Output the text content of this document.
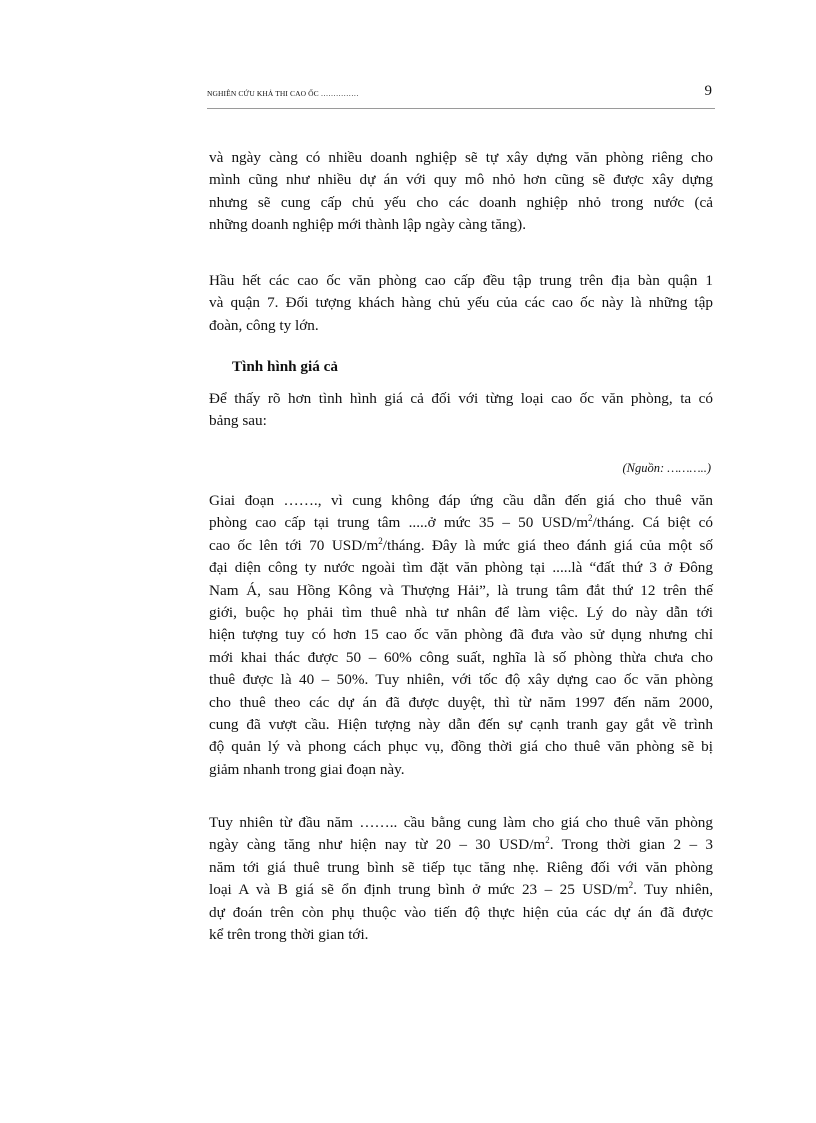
NGHIÊN CỨU KHẢ THI CAO ỐC ……………	9

và ngày càng có nhiều doanh nghiệp sẽ tự xây dựng văn phòng riêng cho
mình cũng như nhiều dự án với quy mô nhỏ hơn cũng sẽ được xây dựng
nhưng sẽ cung cấp chủ yếu cho các doanh nghiệp nhỏ trong nước (cả
những doanh nghiệp mới thành lập ngày càng tăng).

Hầu hết các cao ốc văn phòng cao cấp đều tập trung trên địa bàn quận 1
và quận 7. Đối tượng khách hàng chủ yếu của các cao ốc này là những tập
đoàn, công ty lớn.

Tình hình giá cả

Để thấy rõ hơn tình hình giá cả đối với từng loại cao ốc văn phòng, ta có
bảng sau:

(Nguồn: ………..)

Giai đoạn ……., vì cung không đáp ứng cầu dẫn đến giá cho thuê văn
phòng cao cấp tại trung tâm .....ở mức 35 – 50 USD/$m^2$/tháng. Cá biệt có
cao ốc lên tới 70 USD/$m^2$/tháng. Đây là mức giá theo đánh giá của một số
đại diện công ty nước ngoài tìm đặt văn phòng tại .....là “đất thứ 3 ở Đông
Nam Á, sau Hồng Kông và Thượng Hải”, là trung tâm đắt thứ 12 trên thế
giới, buộc họ phải tìm thuê nhà tư nhân để làm việc. Lý do này dẫn tới
hiện tượng tuy có hơn 15 cao ốc văn phòng đã đưa vào sử dụng nhưng chỉ
mới khai thác được 50 – 60% công suất, nghĩa là số phòng thừa chưa cho
thuê được là 40 – 50%. Tuy nhiên, với tốc độ xây dựng cao ốc văn phòng
cho thuê theo các dự án đã được duyệt, thì từ năm 1997 đến năm 2000,
cung đã vượt cầu. Hiện tượng này dẫn đến sự cạnh tranh gay gắt về trình
độ quản lý và phong cách phục vụ, đồng thời giá cho thuê văn phòng sẽ bị
giảm nhanh trong giai đoạn này.

Tuy nhiên từ đầu năm …….. cầu bằng cung làm cho giá cho thuê văn phòng
ngày càng tăng như hiện nay từ 20 – 30 USD/$m^2$. Trong thời gian 2 – 3
năm tới giá thuê trung bình sẽ tiếp tục tăng nhẹ. Riêng đối với văn phòng
loại A và B giá sẽ ổn định trung bình ở mức 23 – 25 USD/$m^2$. Tuy nhiên,
dự đoán trên còn phụ thuộc vào tiến độ thực hiện của các dự án đã được
kể trên trong thời gian tới.
